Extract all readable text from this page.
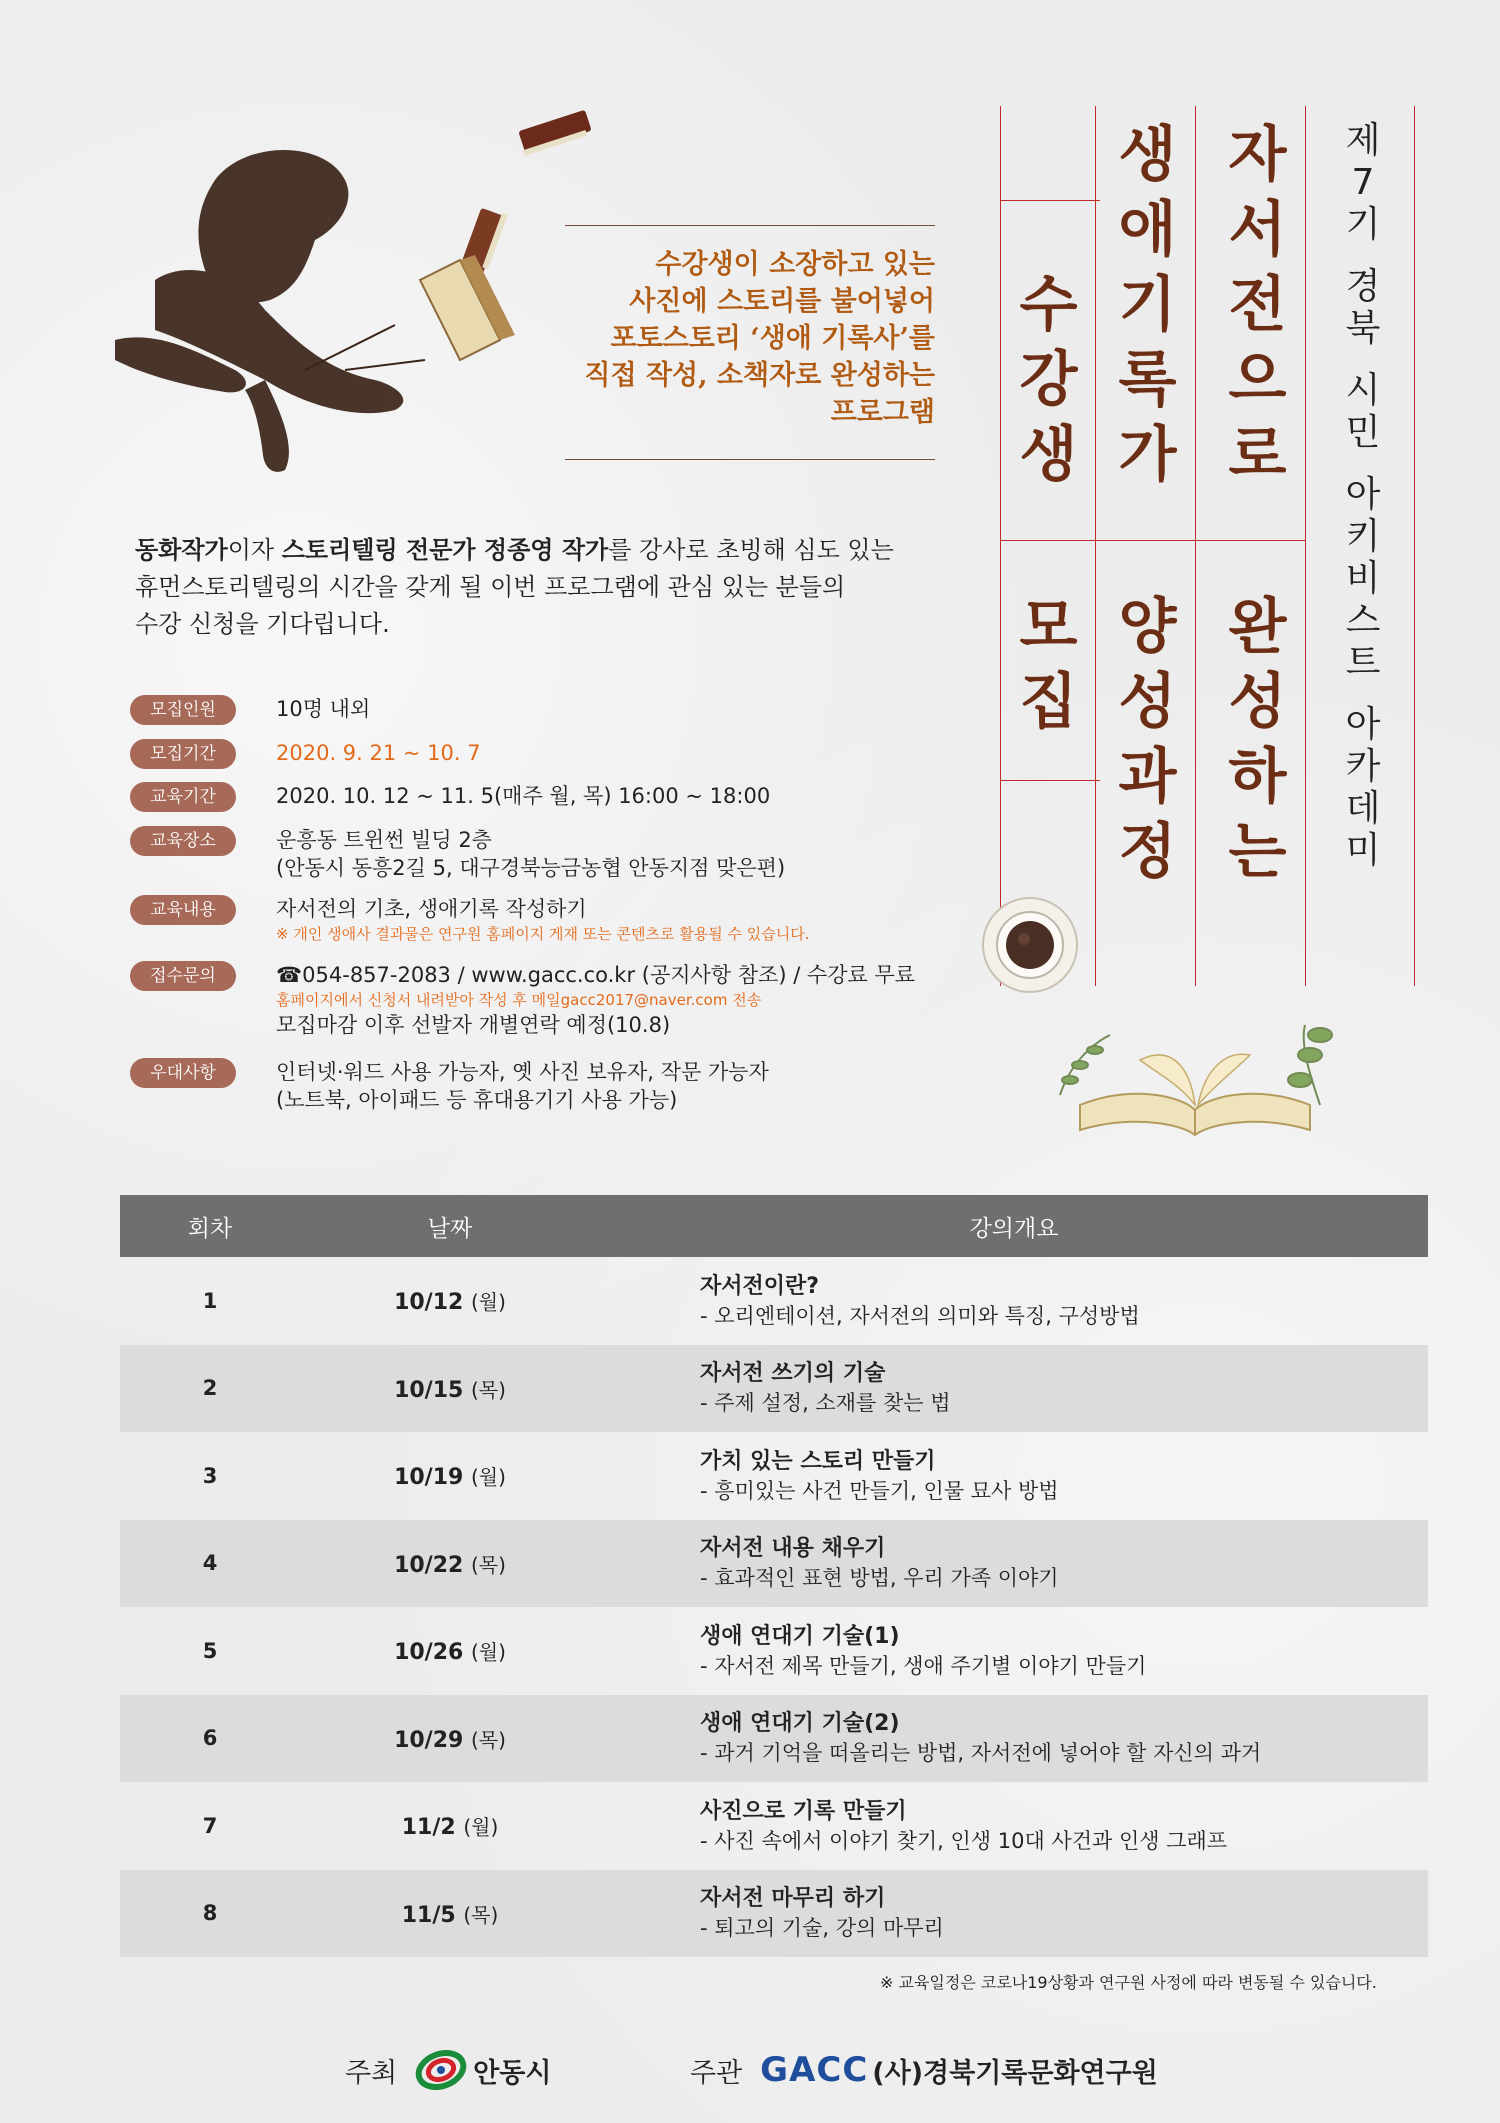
수강생이 소장하고 있는
사진에 스토리를 불어넣어
포토스토리 ‘생애 기록사’를
직접 작성, 소책자로 완성하는
프로그램
동화작가이자 스토리텔링 전문가 정종영 작가를 강사로 초빙해 심도 있는
휴먼스토리텔링의 시간을 갖게 될 이번 프로그램에 관심 있는 분들의
수강 신청을 기다립니다.
모집인원	10명 내외
모집기간	2020. 9. 21 ~ 10. 7
교육기간	2020. 10. 12 ~ 11. 5(매주 월, 목) 16:00 ~ 18:00
교육장소	운흥동 트윈썬 빌딩 2층
(안동시 동흥2길 5, 대구경북능금농협 안동지점 맞은편)
교육내용	자서전의 기초, 생애기록 작성하기
※ 개인 생애사 결과물은 연구원 홈페이지 게재 또는 콘텐츠로 활용될 수 있습니다.
접수문의	☎054-857-2083 / www.gacc.co.kr (공지사항 참조) / 수강료 무료
홈페이지에서 신청서 내려받아 작성 후 메일gacc2017@naver.com 전송
모집마감 이후 선발자 개별연락 예정(10.8)
우대사항	인터넷·워드 사용 가능자, 옛 사진 보유자, 작문 가능자
(노트북, 아이패드 등 휴대용기기 사용 가능)
제
7
기
경
북
시
민
아
키
비
스
트
아
카
데
미
자
서
전
으
로
완
성
하
는
생
애
기
록
가
양
성
과
정
수
강
생
모
집
회차	날짜	강의개요
1	10/12 (월)
자서전이란?
- 오리엔테이션, 자서전의 의미와 특징, 구성방법
2	10/15 (목)
자서전 쓰기의 기술
- 주제 설정, 소재를 찾는 법
3	10/19 (월)
가치 있는 스토리 만들기
- 흥미있는 사건 만들기, 인물 묘사 방법
4	10/22 (목)
자서전 내용 채우기
- 효과적인 표현 방법, 우리 가족 이야기
5	10/26 (월)
생애 연대기 기술(1)
- 자서전 제목 만들기, 생애 주기별 이야기 만들기
6	10/29 (목)
생애 연대기 기술(2)
- 과거 기억을 떠올리는 방법, 자서전에 넣어야 할 자신의 과거
7	11/2 (월)
사진으로 기록 만들기
- 사진 속에서 이야기 찾기, 인생 10대 사건과 인생 그래프
8	11/5 (목)
자서전 마무리 하기
- 퇴고의 기술, 강의 마무리
※ 교육일정은 코로나19상황과 연구원 사정에 따라 변동될 수 있습니다.
주최	안동시	주관 GACC (사)경북기록문화연구원
